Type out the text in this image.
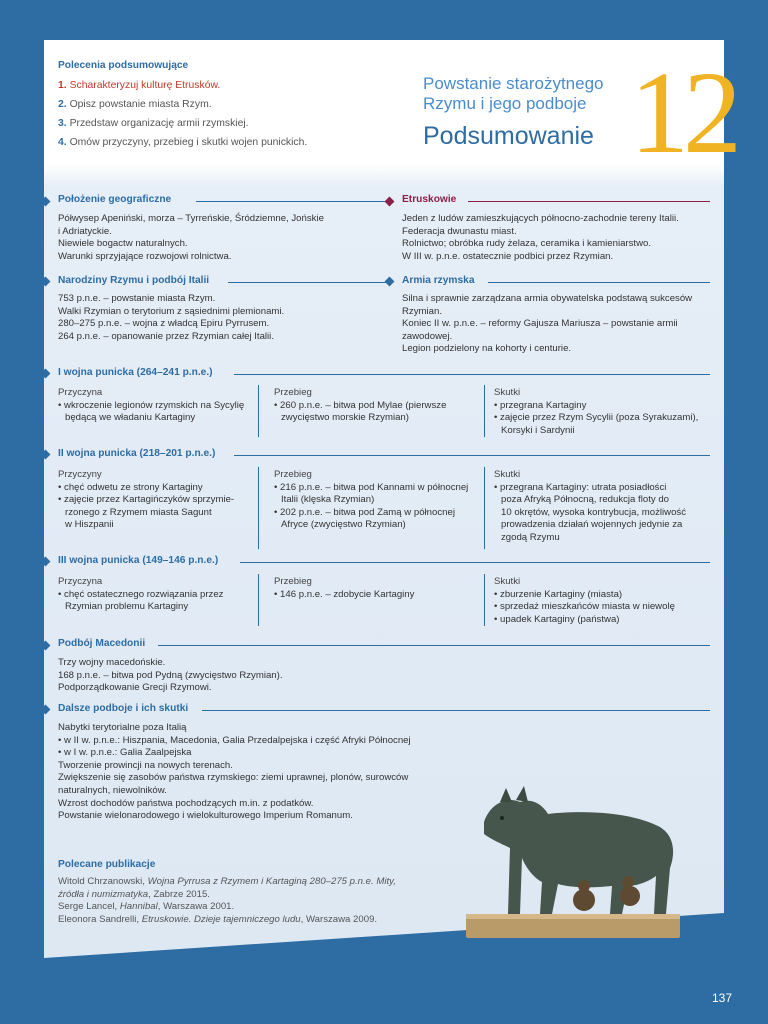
Polecenia podsumowujące
1. Scharakteryzuj kulturę Etrusków.
2. Opisz powstanie miasta Rzym.
3. Przedstaw organizację armii rzymskiej.
4. Omów przyczyny, przebieg i skutki wojen punickich.
Powstanie starożytnego
Rzymu i jego podboje
Podsumowanie 12
Położenie geograficzne
Półwysep Apeniński, morza – Tyrreńskie, Śródziemne, Jońskie
i Adriatyckie.
Niewiele bogactw naturalnych.
Warunki sprzyjające rozwojowi rolnictwa.
Etruskowie
Jeden z ludów zamieszkujących północno-zachodnie tereny Italii.
Federacja dwunastu miast.
Rolnictwo; obróbka rudy żelaza, ceramika i kamieniarstwo.
W III w. p.n.e. ostatecznie podbici przez Rzymian.
Narodziny Rzymu i podbój Italii
753 p.n.e. – powstanie miasta Rzym.
Walki Rzymian o terytorium z sąsiednimi plemionami.
280–275 p.n.e. – wojna z władcą Epiru Pyrrusem.
264 p.n.e. – opanowanie przez Rzymian całej Italii.
Armia rzymska
Silna i sprawnie zarządzana armia obywatelska podstawą sukcesów
Rzymian.
Koniec II w. p.n.e. – reformy Gajusza Mariusza – powstanie armii
zawodowej.
Legion podzielony na kohorty i centurie.
I wojna punicka (264–241 p.n.e.)
Przyczyna
• wkroczenie legionów rzymskich na Sycylię
będącą we władaniu Kartaginy
Przebieg
• 260 p.n.e. – bitwa pod Mylae (pierwsze
zwycięstwo morskie Rzymian)
Skutki
• przegrana Kartaginy
• zajęcie przez Rzym Sycylii (poza Syrakuzami),
Korsyki i Sardynii
II wojna punicka (218–201 p.n.e.)
Przyczyny
• chęć odwetu ze strony Kartaginy
• zajęcie przez Kartagińczyków sprzymie-
rzonego z Rzymem miasta Sagunt
w Hiszpanii
Przebieg
• 216 p.n.e. – bitwa pod Kannami w północnej
Italii (klęska Rzymian)
• 202 p.n.e. – bitwa pod Zamą w północnej
Afryce (zwycięstwo Rzymian)
Skutki
• przegrana Kartaginy: utrata posiadłości
poza Afryką Północną, redukcja floty do
10 okrętów, wysoka kontrybucja, możliwość
prowadzenia działań wojennych jedynie za
zgodą Rzymu
III wojna punicka (149–146 p.n.e.)
Przyczyna
• chęć ostatecznego rozwiązania przez
Rzymian problemu Kartaginy
Przebieg
• 146 p.n.e. – zdobycie Kartaginy
Skutki
• zburzenie Kartaginy (miasta)
• sprzedaż mieszkańców miasta w niewolę
• upadek Kartaginy (państwa)
Podbój Macedonii
Trzy wojny macedońskie.
168 p.n.e. – bitwa pod Pydną (zwycięstwo Rzymian).
Podporządkowanie Grecji Rzymowi.
Dalsze podboje i ich skutki
Nabytki terytorialne poza Italią
• w II w. p.n.e.: Hiszpania, Macedonia, Galia Przedalpejska i część Afryki Północnej
• w I w. p.n.e.: Galia Zaalpejska
Tworzenie prowincji na nowych terenach.
Zwiększenie się zasobów państwa rzymskiego: ziemi uprawnej, plonów, surowców
naturalnych, niewolników.
Wzrost dochodów państwa pochodzących m.in. z podatków.
Powstanie wielonarodowego i wielokulturowego Imperium Romanum.
Polecane publikacje
Witold Chrzanowski, Wojna Pyrrusa z Rzymem i Kartaginą 280–275 p.n.e. Mity,
źródła i numizmatyka, Zabrze 2015.
Serge Lancel, Hannibal, Warszawa 2001.
Eleonora Sandrelli, Etruskowie. Dzieje tajemniczego ludu, Warszawa 2009.
137
